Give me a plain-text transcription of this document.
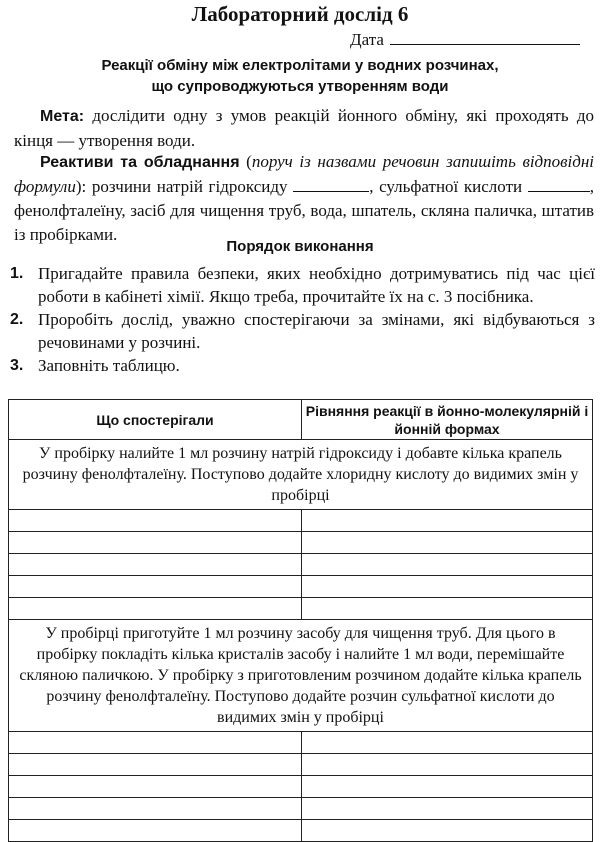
Лабораторний дослід 6
Дата
Реакції обміну між електролітами у водних розчинах,
що супроводжуються утворенням води
Мета: дослідити одну з умов реакцій йонного обміну, які проходять до кінця — утворення води.
Реактиви та обладнання (поруч із назвами речовин запишіть відповідні формули): розчини натрій гідроксиду	, сульфатної кислоти	, фенолфталеїну, засіб для чищення труб, вода, шпатель, скляна паличка, штатив із пробірками.
Порядок виконання
1. Пригадайте правила безпеки, яких необхідно дотримуватись під час цієї роботи в кабінеті хімії. Якщо треба, прочитайте їх на с. 3 посібника.
2. Проробіть дослід, уважно спостерігаючи за змінами, які відбуваються з речовинами у розчині.
3. Заповніть таблицю.
Що спостерігали	Рівняння реакції в йонно-молекулярній і йонній формах
У пробірку налийте 1 мл розчину натрій гідроксиду і добавте кілька крапель розчину фенолфталеїну. Поступово додайте хлоридну кислоту до видимих змін у пробірці	

У пробірці приготуйте 1 мл розчину засобу для чищення труб. Для цього в пробірку покладіть кілька кристалів засобу і налийте 1 мл води, перемішайте скляною паличкою. У пробірку з приготовленим розчином додайте кілька крапель розчину фенолфталеїну. Поступово додайте розчин сульфатної кислоти до видимих змін у пробірці	
